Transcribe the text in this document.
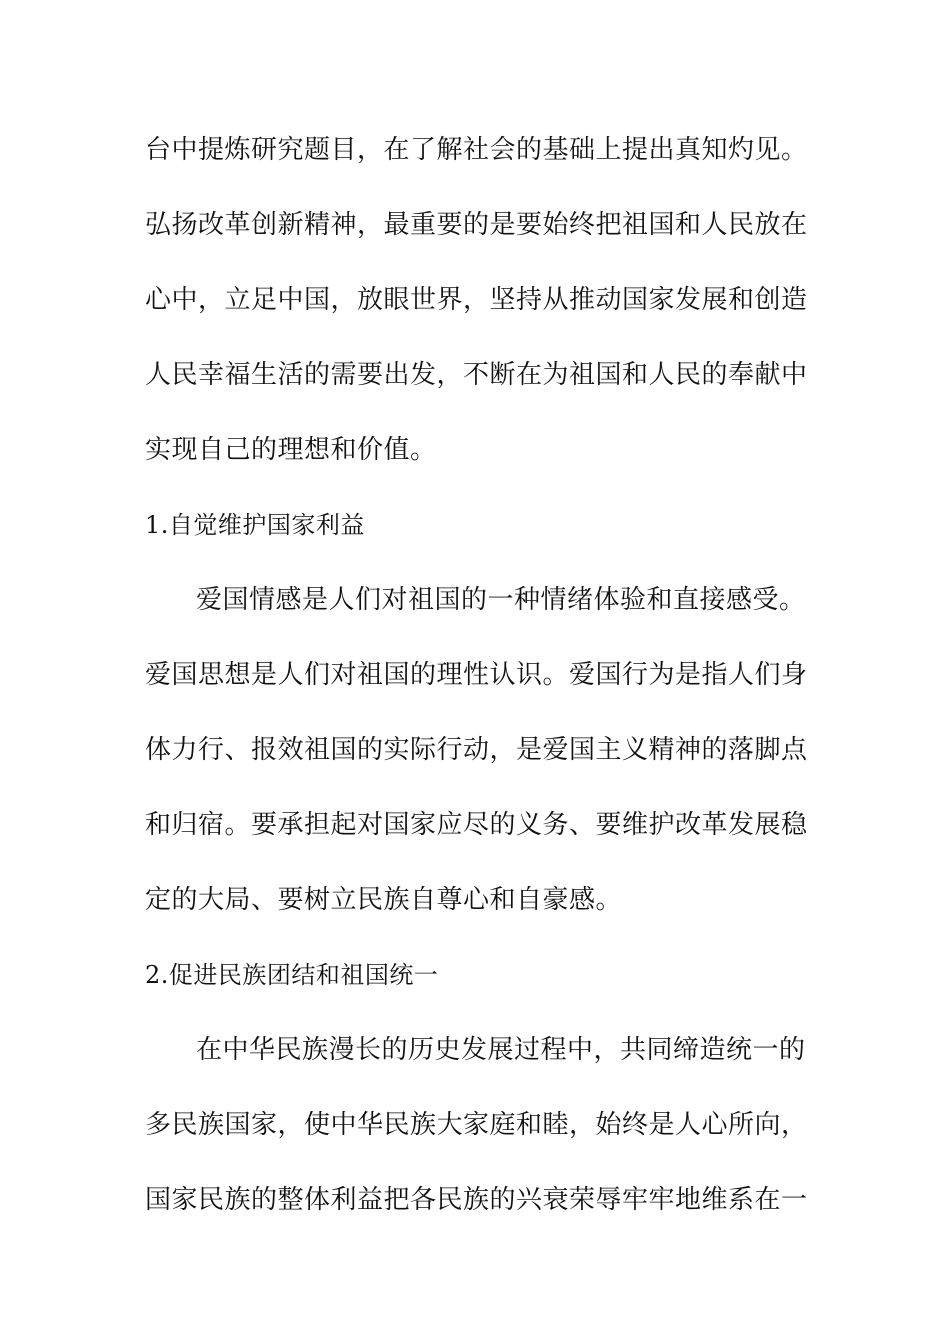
台中提炼研究题目，在了解社会的基础上提出真知灼见。
弘扬改革创新精神，最重要的是要始终把祖国和人民放在
心中，立足中国，放眼世界，坚持从推动国家发展和创造
人民幸福生活的需要出发，不断在为祖国和人民的奉献中
实现自己的理想和价值。
1.自觉维护国家利益
爱国情感是人们对祖国的一种情绪体验和直接感受。
爱国思想是人们对祖国的理性认识。爱国行为是指人们身
体力行、报效祖国的实际行动，是爱国主义精神的落脚点
和归宿。要承担起对国家应尽的义务、要维护改革发展稳
定的大局、要树立民族自尊心和自豪感。
2.促进民族团结和祖国统一
在中华民族漫长的历史发展过程中，共同缔造统一的
多民族国家，使中华民族大家庭和睦，始终是人心所向，
国家民族的整体利益把各民族的兴衰荣辱牢牢地维系在一
